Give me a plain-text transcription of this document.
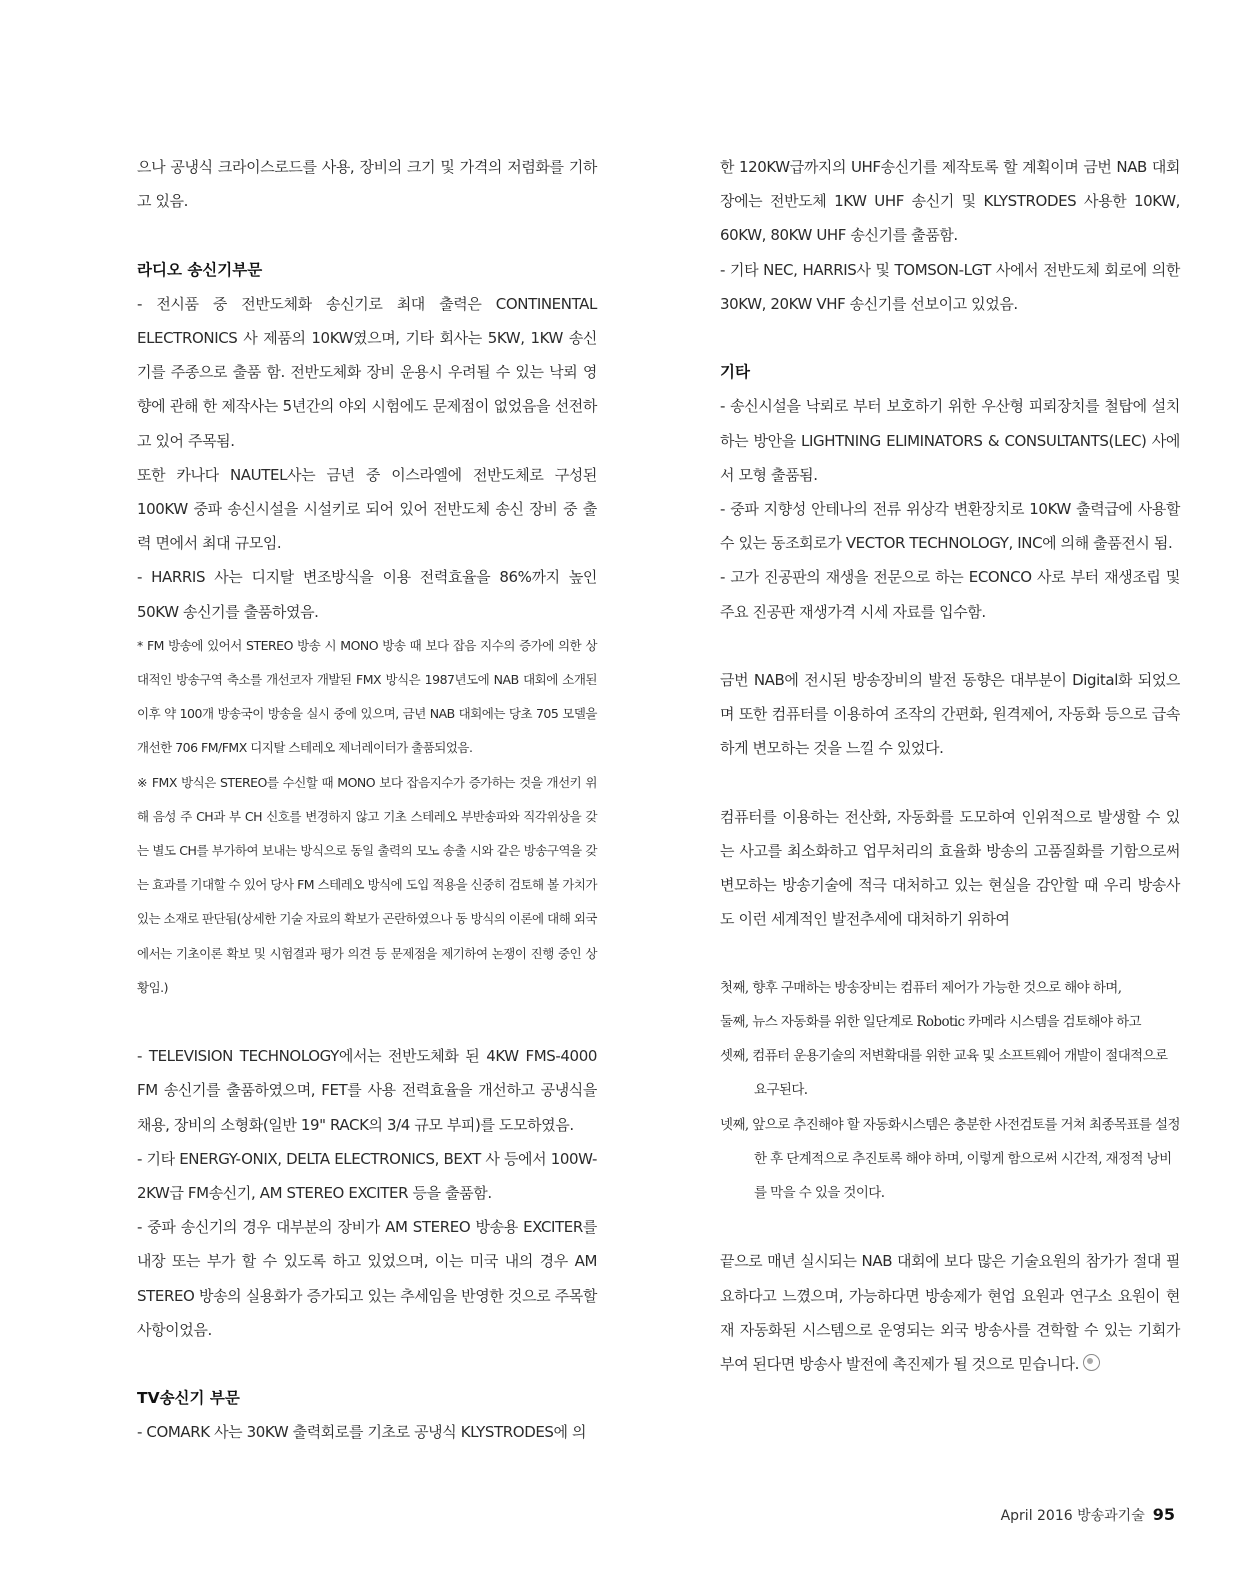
으나 공냉식 크라이스로드를 사용, 장비의 크기 및 가격의 저렴화를 기하고 있음.

라디오 송신기부문

- 전시품 중 전반도체화 송신기로 최대 출력은 CONTINENTAL ELECTRONICS 사 제품의 10KW였으며, 기타 회사는 5KW, 1KW 송신기를 주종으로 출품 함. 전반도체화 장비 운용시 우려될 수 있는 낙뢰 영향에 관해 한 제작사는 5년간의 야외 시험에도 문제점이 없었음을 선전하고 있어 주목됨.

또한 카나다 NAUTEL사는 금년 중 이스라엘에 전반도체로 구성된 100KW 중파 송신시설을 시설키로 되어 있어 전반도체 송신 장비 중 출력 면에서 최대 규모임.

- HARRIS 사는 디지탈 변조방식을 이용 전력효율을 86%까지 높인 50KW 송신기를 출품하였음.

* FM 방송에 있어서 STEREO 방송 시 MONO 방송 때 보다 잡음 지수의 증가에 의한 상대적인 방송구역 축소를 개선코자 개발된 FMX 방식은 1987년도에 NAB 대회에 소개된 이후 약 100개 방송국이 방송을 실시 중에 있으며, 금년 NAB 대회에는 당초 705 모델을 개선한 706 FM/FMX 디지탈 스테레오 제너레이터가 출품되었음.

※ FMX 방식은 STEREO를 수신할 때 MONO 보다 잡음지수가 증가하는 것을 개선키 위해 음성 주 CH과 부 CH 신호를 변경하지 않고 기초 스테레오 부반송파와 직각위상을 갖는 별도 CH를 부가하여 보내는 방식으로 동일 출력의 모노 송출 시와 같은 방송구역을 갖는 효과를 기대할 수 있어 당사 FM 스테레오 방식에 도입 적용을 신중히 검토해 볼 가치가 있는 소재로 판단됨(상세한 기술 자료의 확보가 곤란하였으나 동 방식의 이론에 대해 외국에서는 기초이론 확보 및 시험결과 평가 의견 등 문제점을 제기하여 논쟁이 진행 중인 상황임.)

- TELEVISION TECHNOLOGY에서는 전반도체화 된 4KW FMS-4000 FM 송신기를 출품하였으며, FET를 사용 전력효율을 개선하고 공냉식을 채용, 장비의 소형화(일반 19" RACK의 3/4 규모 부피)를 도모하였음.

- 기타 ENERGY-ONIX, DELTA ELECTRONICS, BEXT 사 등에서 100W-2KW급 FM송신기, AM STEREO EXCITER 등을 출품함.

- 중파 송신기의 경우 대부분의 장비가 AM STEREO 방송용 EXCITER를 내장 또는 부가 할 수 있도록 하고 있었으며, 이는 미국 내의 경우 AM STEREO 방송의 실용화가 증가되고 있는 추세임을 반영한 것으로 주목할 사항이었음.

TV송신기 부문

- COMARK 사는 30KW 출력회로를 기초로 공냉식 KLYSTRODES에 의

한 120KW급까지의 UHF송신기를 제작토록 할 계획이며 금번 NAB 대회장에는 전반도체 1KW UHF 송신기 및 KLYSTRODES 사용한 10KW, 60KW, 80KW UHF 송신기를 출품함.

- 기타 NEC, HARRIS사 및 TOMSON-LGT 사에서 전반도체 회로에 의한 30KW, 20KW VHF 송신기를 선보이고 있었음.

기타

- 송신시설을 낙뢰로 부터 보호하기 위한 우산형 피뢰장치를 철탑에 설치하는 방안을 LIGHTNING ELIMINATORS & CONSULTANTS(LEC) 사에서 모형 출품됨.

- 중파 지향성 안테나의 전류 위상각 변환장치로 10KW 출력급에 사용할 수 있는 동조회로가 VECTOR TECHNOLOGY, INC에 의해 출품전시 됨.

- 고가 진공판의 재생을 전문으로 하는 ECONCO 사로 부터 재생조립 및 주요 진공판 재생가격 시세 자료를 입수함.

금번 NAB에 전시된 방송장비의 발전 동향은 대부분이 Digital화 되었으며 또한 컴퓨터를 이용하여 조작의 간편화, 원격제어, 자동화 등으로 급속하게 변모하는 것을 느낄 수 있었다.

컴퓨터를 이용하는 전산화, 자동화를 도모하여 인위적으로 발생할 수 있는 사고를 최소화하고 업무처리의 효율화 방송의 고품질화를 기함으로써 변모하는 방송기술에 적극 대처하고 있는 현실을 감안할 때 우리 방송사도 이런 세계적인 발전추세에 대처하기 위하여

첫째, 향후 구매하는 방송장비는 컴퓨터 제어가 가능한 것으로 해야 하며,

둘째, 뉴스 자동화를 위한 일단계로 Robotic 카메라 시스템을 검토해야 하고

셋째, 컴퓨터 운용기술의 저변확대를 위한 교육 및 소프트웨어 개발이 절대적으로 요구된다.

넷째, 앞으로 추진해야 할 자동화시스템은 충분한 사전검토를 거쳐 최종목표를 설정한 후 단계적으로 추진토록 해야 하며, 이렇게 함으로써 시간적, 재정적 낭비를 막을 수 있을 것이다.

끝으로 매년 실시되는 NAB 대회에 보다 많은 기술요원의 참가가 절대 필요하다고 느꼈으며, 가능하다면 방송제가 현업 요원과 연구소 요원이 현재 자동화된 시스템으로 운영되는 외국 방송사를 견학할 수 있는 기회가 부여 된다면 방송사 발전에 촉진제가 될 것으로 믿습니다.

April 2016 방송과기술 95
